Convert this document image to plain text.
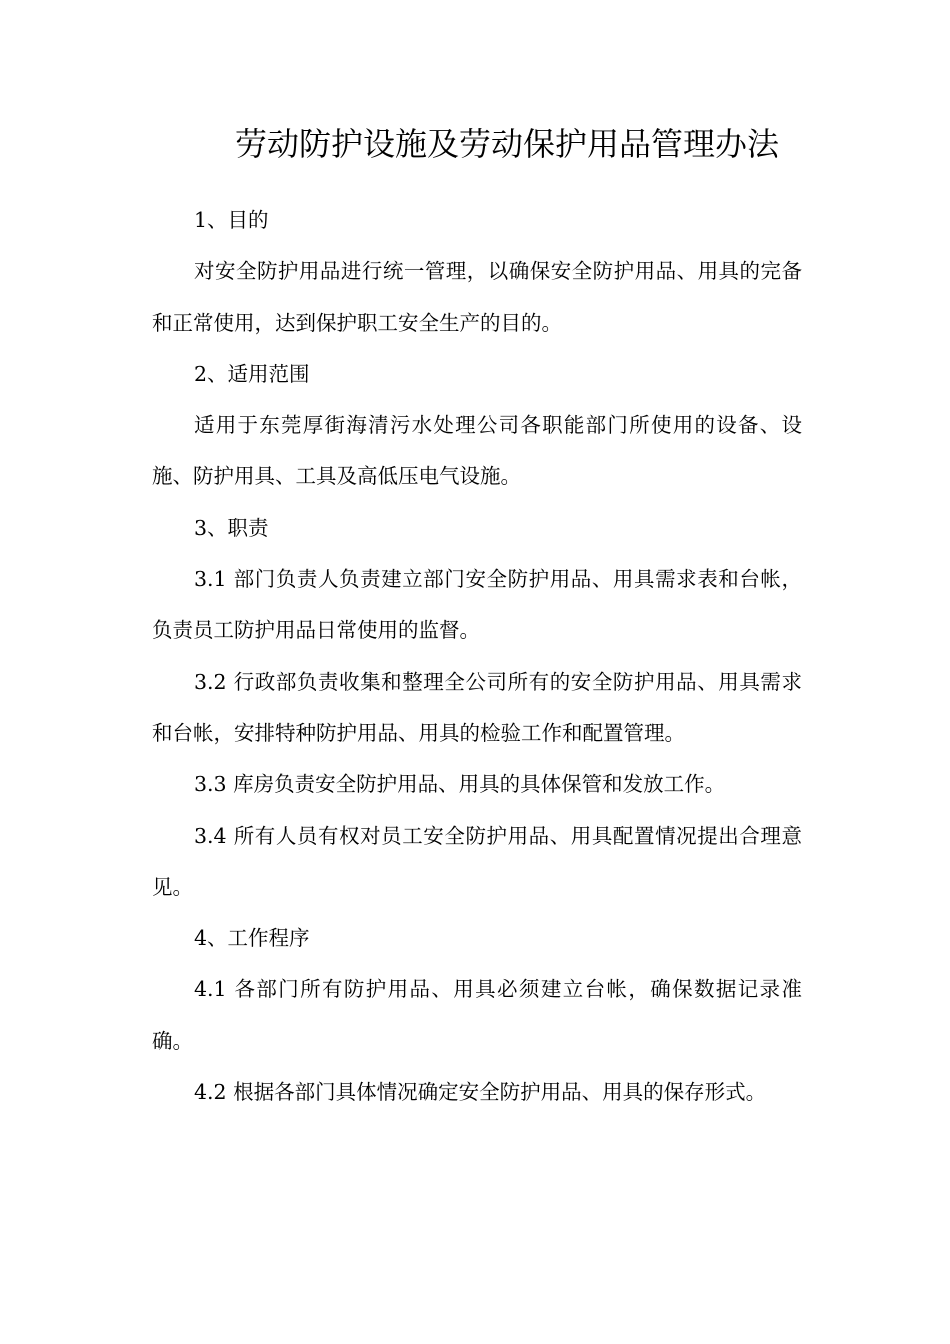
劳动防护设施及劳动保护用品管理办法

1、目的

对安全防护用品进行统一管理，以确保安全防护用品、用具的完备和正常使用，达到保护职工安全生产的目的。

2、适用范围

适用于东莞厚街海清污水处理公司各职能部门所使用的设备、设施、防护用具、工具及高低压电气设施。

3、职责

3.1 部门负责人负责建立部门安全防护用品、用具需求表和台帐，负责员工防护用品日常使用的监督。

3.2 行政部负责收集和整理全公司所有的安全防护用品、用具需求和台帐，安排特种防护用品、用具的检验工作和配置管理。

3.3 库房负责安全防护用品、用具的具体保管和发放工作。

3.4 所有人员有权对员工安全防护用品、用具配置情况提出合理意见。

4、工作程序

4.1 各部门所有防护用品、用具必须建立台帐，确保数据记录准确。

4.2 根据各部门具体情况确定安全防护用品、用具的保存形式。
